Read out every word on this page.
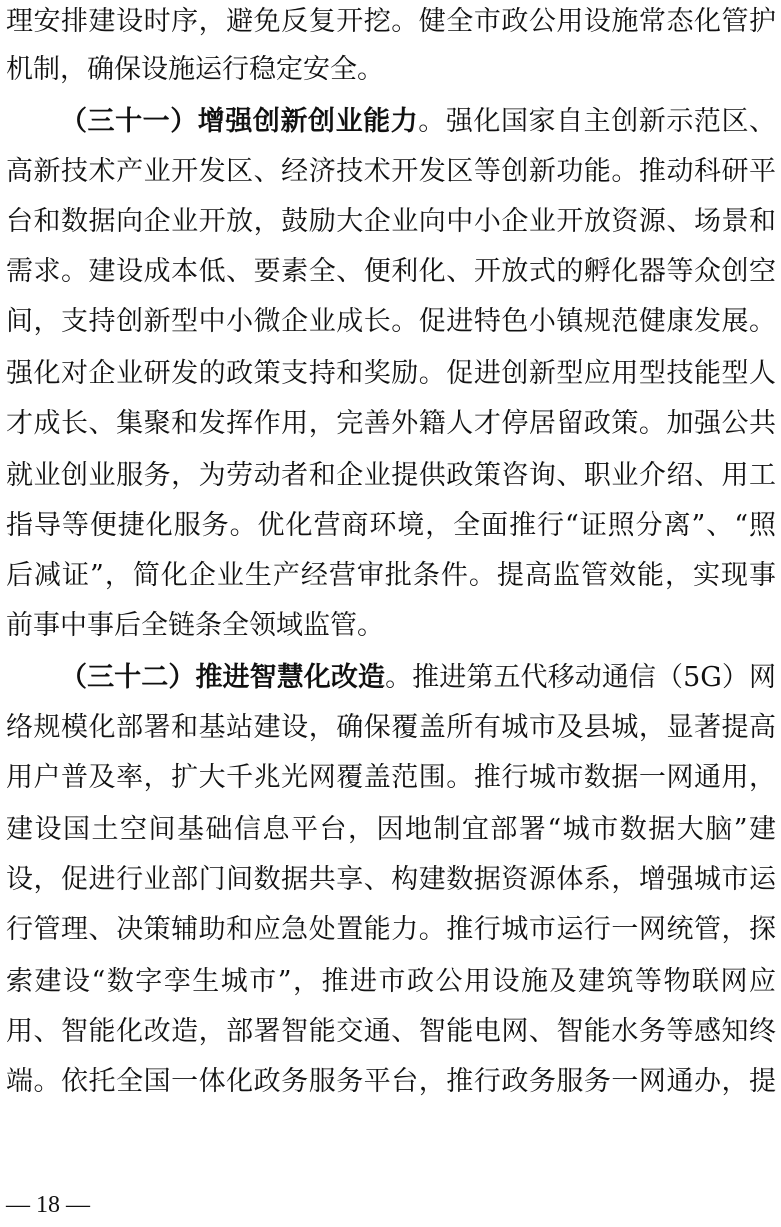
理安排建设时序，避免反复开挖。健全市政公用设施常态化管护
机制，确保设施运行稳定安全。
（三十一）增强创新创业能力。强化国家自主创新示范区、
高新技术产业开发区、经济技术开发区等创新功能。推动科研平
台和数据向企业开放，鼓励大企业向中小企业开放资源、场景和
需求。建设成本低、要素全、便利化、开放式的孵化器等众创空
间，支持创新型中小微企业成长。促进特色小镇规范健康发展。
强化对企业研发的政策支持和奖励。促进创新型应用型技能型人
才成长、集聚和发挥作用，完善外籍人才停居留政策。加强公共
就业创业服务，为劳动者和企业提供政策咨询、职业介绍、用工
指导等便捷化服务。优化营商环境，全面推行“证照分离”、“照
后减证”，简化企业生产经营审批条件。提高监管效能，实现事
前事中事后全链条全领域监管。
（三十二）推进智慧化改造。推进第五代移动通信（5G）网
络规模化部署和基站建设，确保覆盖所有城市及县城，显著提高
用户普及率，扩大千兆光网覆盖范围。推行城市数据一网通用，
建设国土空间基础信息平台，因地制宜部署“城市数据大脑”建
设，促进行业部门间数据共享、构建数据资源体系，增强城市运
行管理、决策辅助和应急处置能力。推行城市运行一网统管，探
索建设“数字孪生城市”，推进市政公用设施及建筑等物联网应
用、智能化改造，部署智能交通、智能电网、智能水务等感知终
端。依托全国一体化政务服务平台，推行政务服务一网通办，提
— 18 —
